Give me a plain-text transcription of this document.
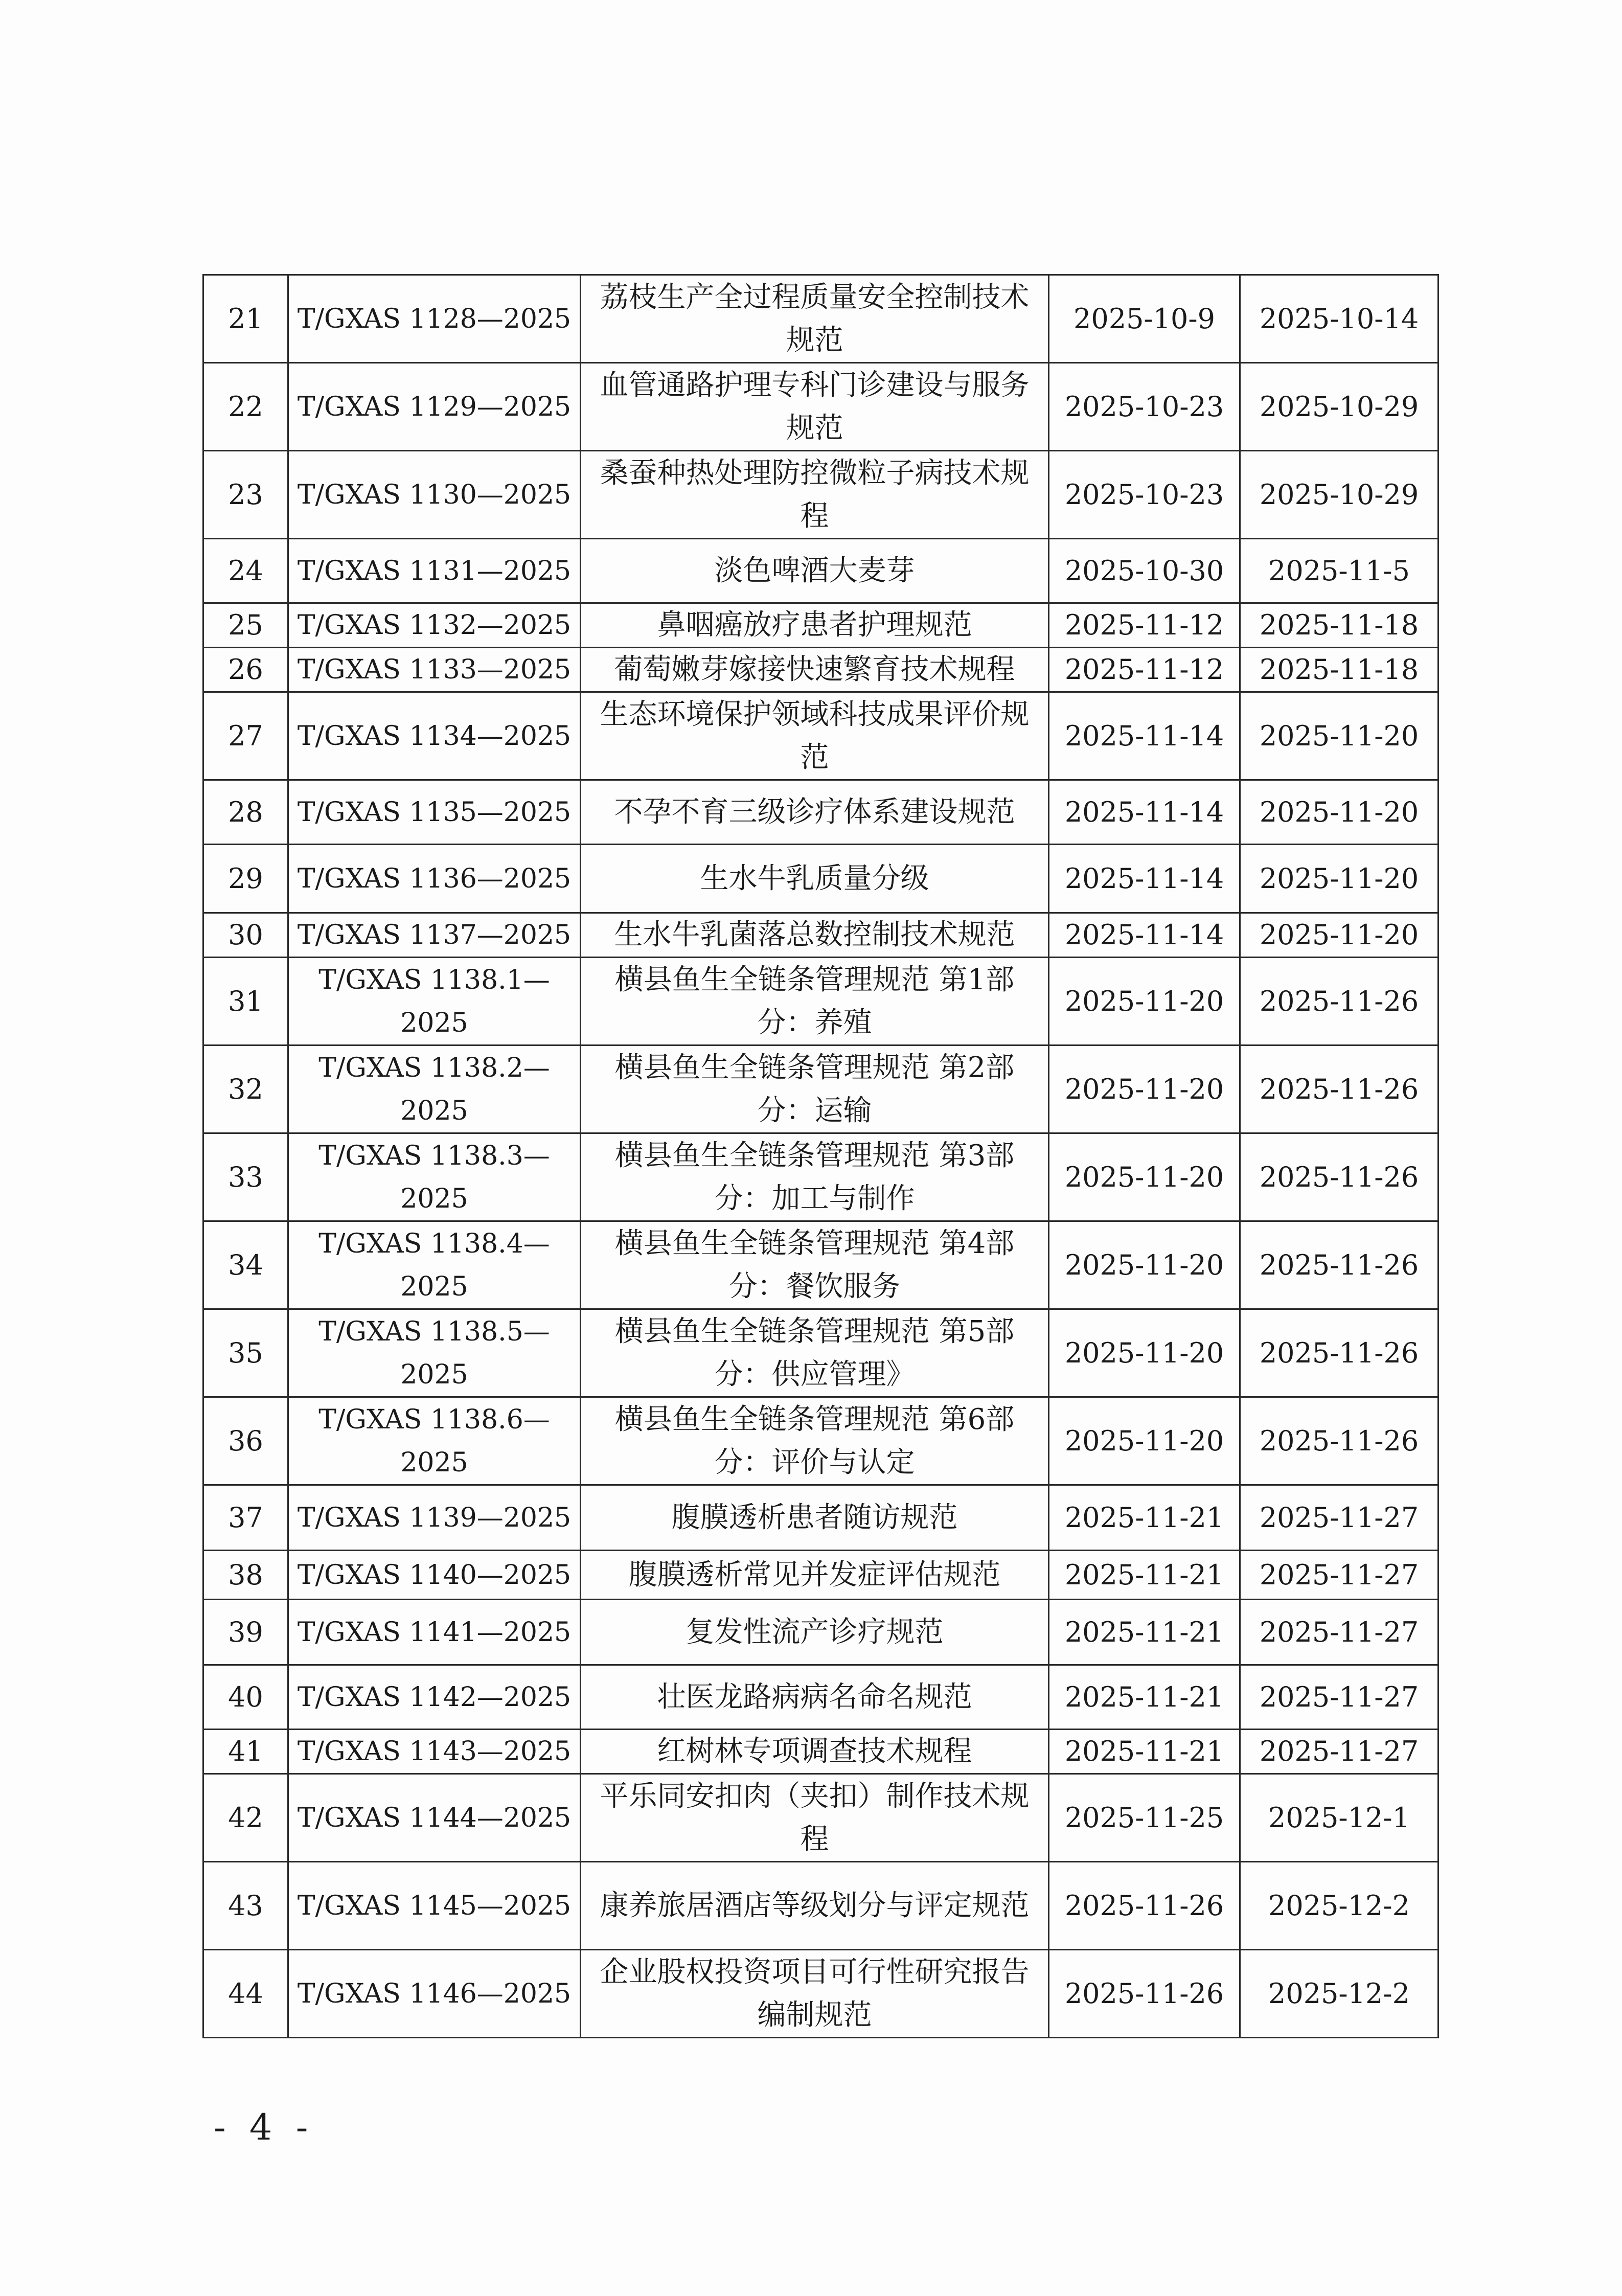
21	T/GXAS 1128—2025	荔枝生产全过程质量安全控制技术规范	2025-10-9	2025-10-14
22	T/GXAS 1129—2025	血管通路护理专科门诊建设与服务规范	2025-10-23	2025-10-29
23	T/GXAS 1130—2025	桑蚕种热处理防控微粒子病技术规程	2025-10-23	2025-10-29
24	T/GXAS 1131—2025	淡色啤酒大麦芽	2025-10-30	2025-11-5
25	T/GXAS 1132—2025	鼻咽癌放疗患者护理规范	2025-11-12	2025-11-18
26	T/GXAS 1133—2025	葡萄嫩芽嫁接快速繁育技术规程	2025-11-12	2025-11-18
27	T/GXAS 1134—2025	生态环境保护领域科技成果评价规范	2025-11-14	2025-11-20
28	T/GXAS 1135—2025	不孕不育三级诊疗体系建设规范	2025-11-14	2025-11-20
29	T/GXAS 1136—2025	生水牛乳质量分级	2025-11-14	2025-11-20
30	T/GXAS 1137—2025	生水牛乳菌落总数控制技术规范	2025-11-14	2025-11-20
31	T/GXAS 1138.1—2025	横县鱼生全链条管理规范 第1部分：养殖	2025-11-20	2025-11-26
32	T/GXAS 1138.2—2025	横县鱼生全链条管理规范 第2部分：运输	2025-11-20	2025-11-26
33	T/GXAS 1138.3—2025	横县鱼生全链条管理规范 第3部分：加工与制作	2025-11-20	2025-11-26
34	T/GXAS 1138.4—2025	横县鱼生全链条管理规范 第4部分：餐饮服务	2025-11-20	2025-11-26
35	T/GXAS 1138.5—2025	横县鱼生全链条管理规范 第5部分：供应管理》	2025-11-20	2025-11-26
36	T/GXAS 1138.6—2025	横县鱼生全链条管理规范 第6部分：评价与认定	2025-11-20	2025-11-26
37	T/GXAS 1139—2025	腹膜透析患者随访规范	2025-11-21	2025-11-27
38	T/GXAS 1140—2025	腹膜透析常见并发症评估规范	2025-11-21	2025-11-27
39	T/GXAS 1141—2025	复发性流产诊疗规范	2025-11-21	2025-11-27
40	T/GXAS 1142—2025	壮医龙路病病名命名规范	2025-11-21	2025-11-27
41	T/GXAS 1143—2025	红树林专项调查技术规程	2025-11-21	2025-11-27
42	T/GXAS 1144—2025	平乐同安扣肉（夹扣）制作技术规程	2025-11-25	2025-12-1
43	T/GXAS 1145—2025	康养旅居酒店等级划分与评定规范	2025-11-26	2025-12-2
44	T/GXAS 1146—2025	企业股权投资项目可行性研究报告编制规范	2025-11-26	2025-12-2
- 4 -
